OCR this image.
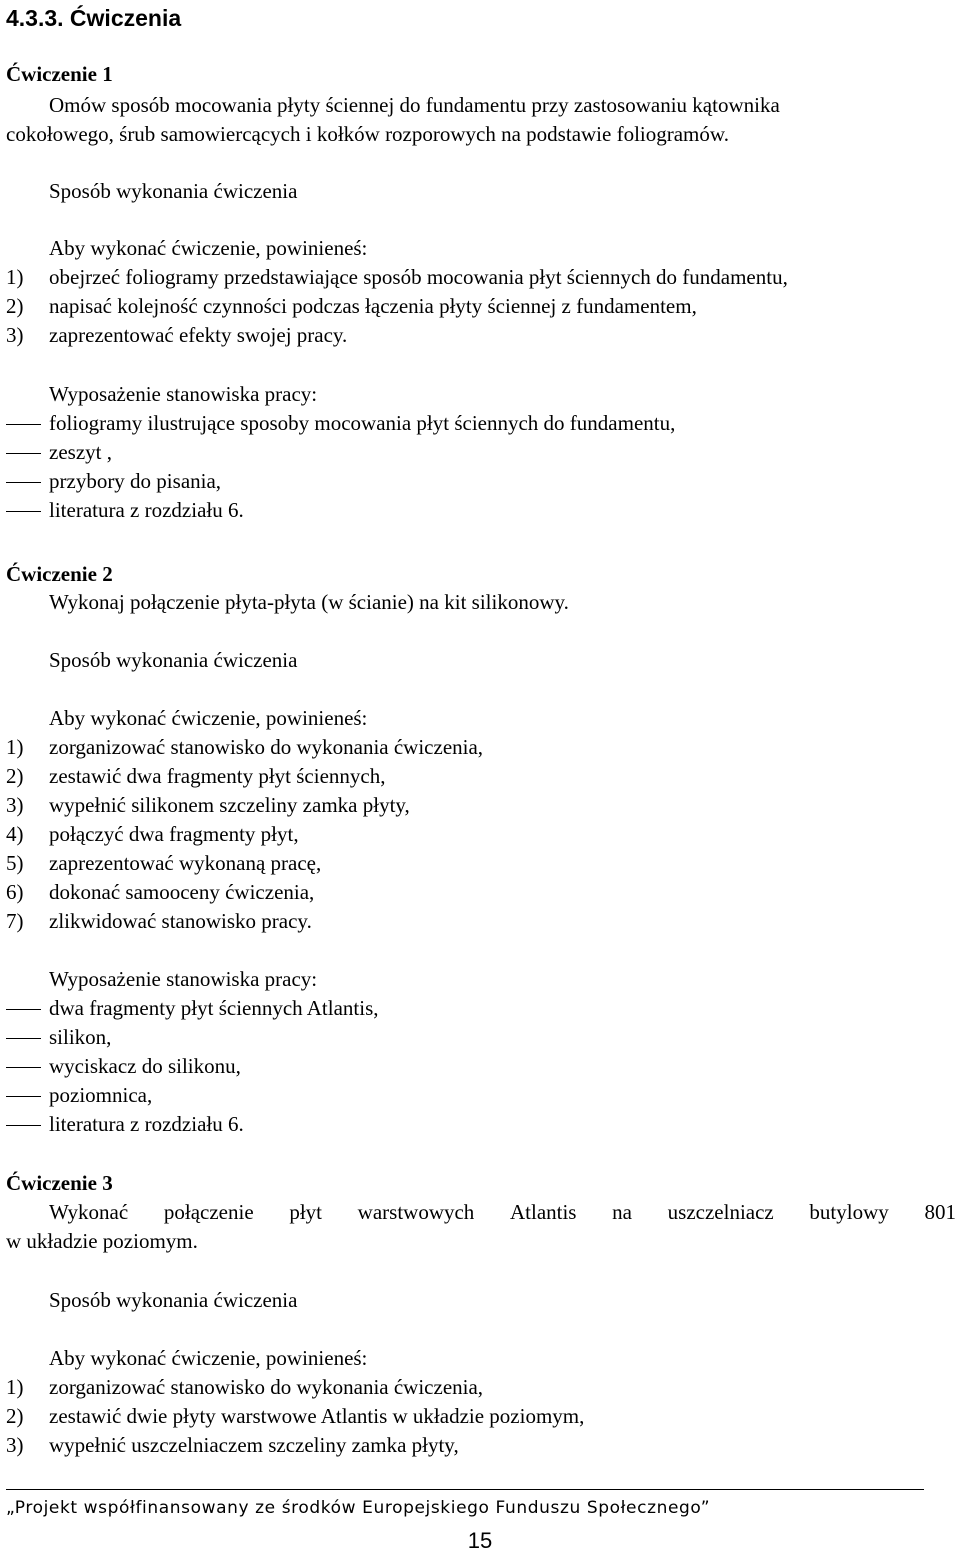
4.3.3. Ćwiczenia
Ćwiczenie 1

Omów sposób mocowania płyty ściennej do fundamentu przy zastosowaniu kątownika

cokołowego, śrub samowiercących i kołków rozporowych na podstawie foliogramów.

Sposób wykonania ćwiczenia

Aby wykonać ćwiczenie, powinieneś:

1) obejrzeć foliogramy przedstawiające sposób mocowania płyt ściennych do fundamentu,
2) napisać kolejność czynności podczas łączenia płyty ściennej z fundamentem,
3) zaprezentować efekty swojej pracy.

Wyposażenie stanowiska pracy:

foliogramy ilustrujące sposoby mocowania płyt ściennych do fundamentu,
zeszyt ,
przybory do pisania,
literatura z rozdziału 6.
Ćwiczenie 2

Wykonaj połączenie płyta-płyta (w ścianie) na kit silikonowy.

Sposób wykonania ćwiczenia

Aby wykonać ćwiczenie, powinieneś:

1) zorganizować stanowisko do wykonania ćwiczenia,
2) zestawić dwa fragmenty płyt ściennych,
3) wypełnić silikonem szczeliny zamka płyty,
4) połączyć dwa fragmenty płyt,
5) zaprezentować wykonaną pracę,
6) dokonać samooceny ćwiczenia,
7) zlikwidować stanowisko pracy.

Wyposażenie stanowiska pracy:

dwa fragmenty płyt ściennych Atlantis,
silikon,
wyciskacz do silikonu,
poziomnica,
literatura z rozdziału 6.
Ćwiczenie 3
Wykonać połączenie płyt warstwowych Atlantis na uszczelniacz butylowy 801
w układzie poziomym.

Sposób wykonania ćwiczenia

Aby wykonać ćwiczenie, powinieneś:

1) zorganizować stanowisko do wykonania ćwiczenia,
2) zestawić dwie płyty warstwowe Atlantis w układzie poziomym,
3) wypełnić uszczelniaczem szczeliny zamka płyty,
„Projekt współfinansowany ze środków Europejskiego Funduszu Społecznego”
15
